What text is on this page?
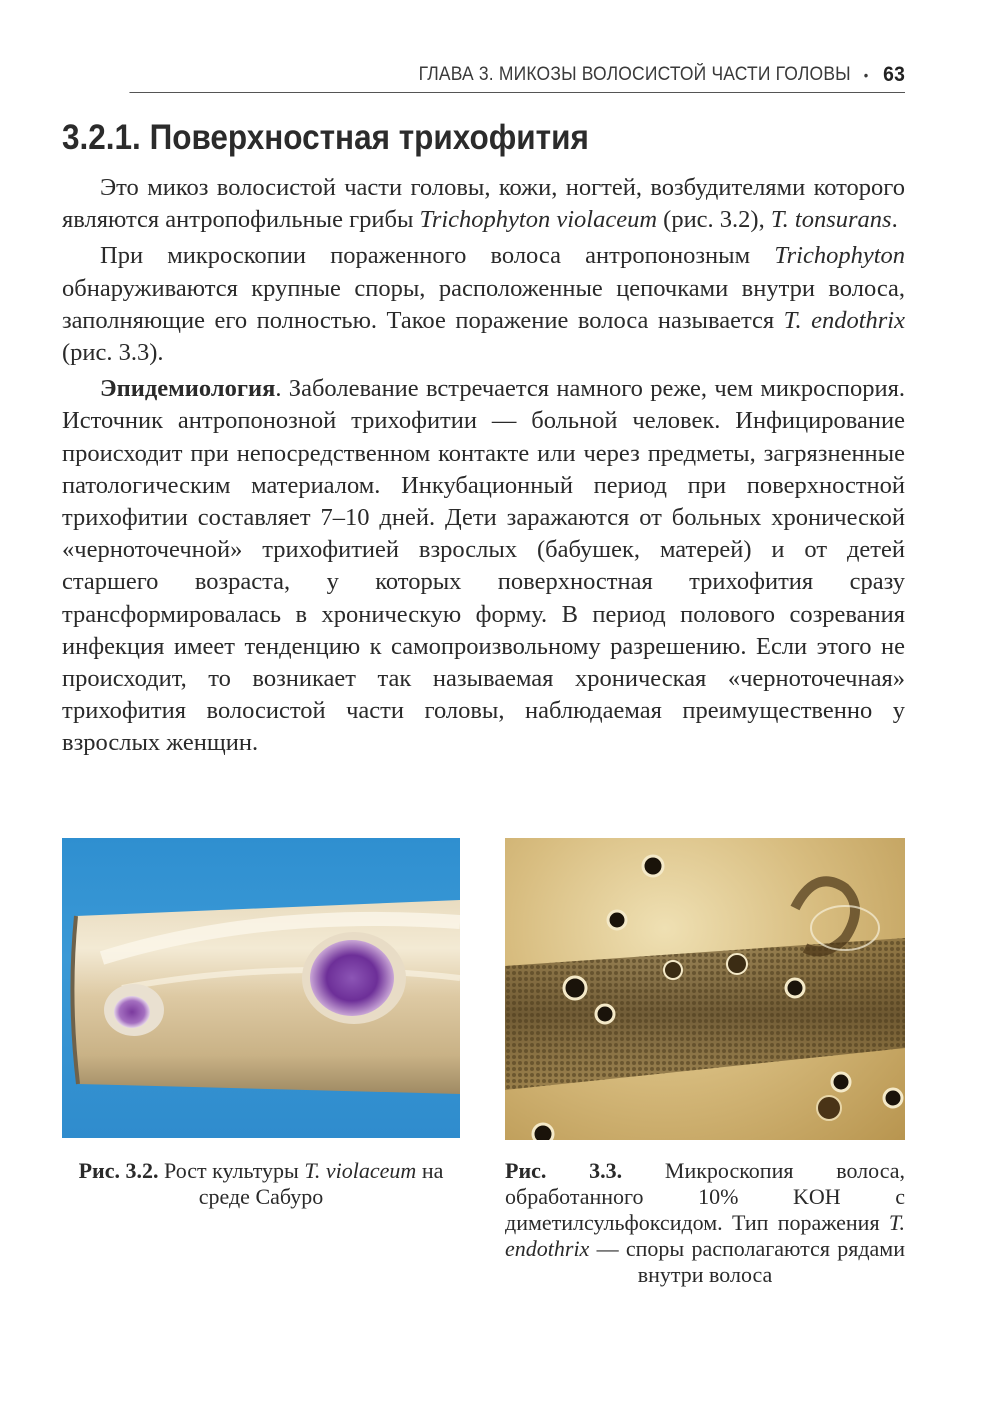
ГЛАВА 3. МИКОЗЫ ВОЛОСИСТОЙ ЧАСТИ ГОЛОВЫ • 63
3.2.1. Поверхностная трихофития

Это микоз волосистой части головы, кожи, ногтей, возбудителями которого являются антропофильные грибы Trichophyton violaceum (рис. 3.2), T. tonsurans.

При микроскопии пораженного волоса антропонозным Trichophyton обнаруживаются крупные споры, расположенные цепочками внутри волоса, заполняющие его полностью. Такое поражение волоса называется T. endothrix (рис. 3.3).

Эпидемиология. Заболевание встречается намного реже, чем микроспория. Источник антропонозной трихофитии — больной человек. Инфицирование происходит при непосредственном контакте или через предметы, загрязненные патологическим материалом. Инкубационный период при поверхностной трихофитии составляет 7–10 дней. Дети заражаются от больных хронической «черноточечной» трихофитией взрослых (бабушек, матерей) и от детей старшего возраста, у которых поверхностная трихофития сразу трансформировалась в хроническую форму. В период полового созревания инфекция имеет тенденцию к самопроизвольному разрешению. Если этого не происходит, то возникает так называемая хроническая «черноточечная» трихофития волосистой части головы, наблюдаемая преимущественно у взрослых женщин.

Рис. 3.2. Рост культуры T. violaceum на среде Сабуро
Рис. 3.3. Микроскопия волоса, обработанного 10% KOH с диметилсульфоксидом. Тип поражения T. endothrix — споры располагаются рядами внутри волоса
